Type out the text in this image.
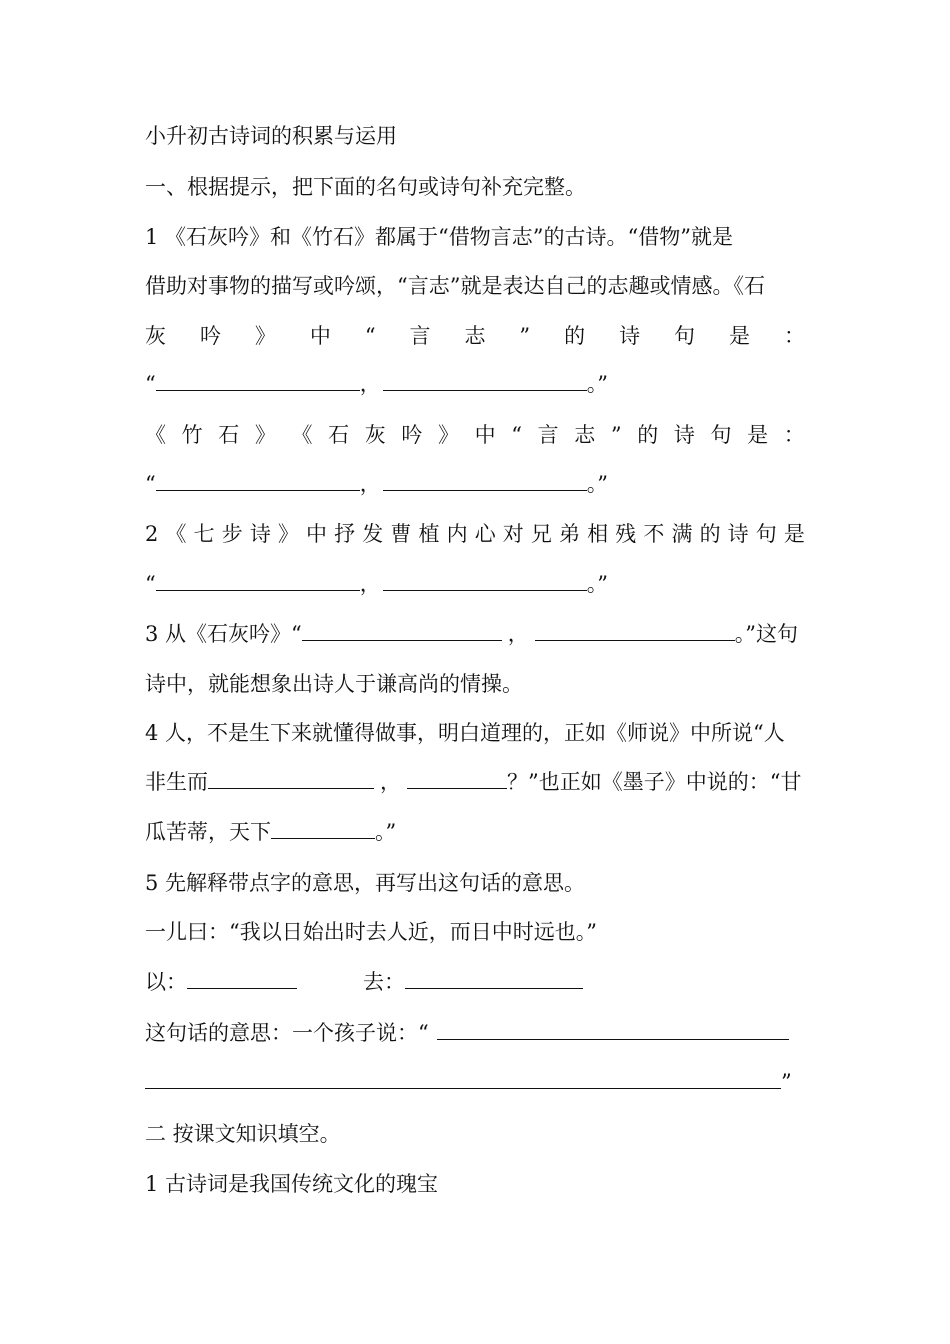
小升初古诗词的积累与运用
一、根据提示，把下面的名句或诗句补充完整。
1 《石灰吟》和《竹石》都属于“借物言志”的古诗。“借物”就是
借助对事物的描写或吟颂，“言志”就是表达自己的志趣或情感。《石
灰 吟 》 中 “ 言 志 ” 的 诗 句 是 ：
“	，	。”
《 竹 石 》 《 石 灰 吟 》 中 “ 言 志 ” 的 诗 句 是 ：
“	，	。”
2 《 七 步 诗 》 中 抒 发 曹 植 内 心 对 兄 弟 相 残 不 满 的 诗 句 是
“	，	。”
3 从《石灰吟》“	，	。”这句
诗中，就能想象出诗人于谦高尚的情操。
4 人，不是生下来就懂得做事，明白道理的，正如《师说》中所说“人
非生而	，	？”也正如《墨子》中说的：“甘
瓜苦蒂，天下	。”
5 先解释带点字的意思，再写出这句话的意思。
一儿曰：“我以日始出时去人近，而日中时远也。”
以：	去：
这句话的意思：一个孩子说：“
”
二 按课文知识填空。
1 古诗词是我国传统文化的瑰宝
